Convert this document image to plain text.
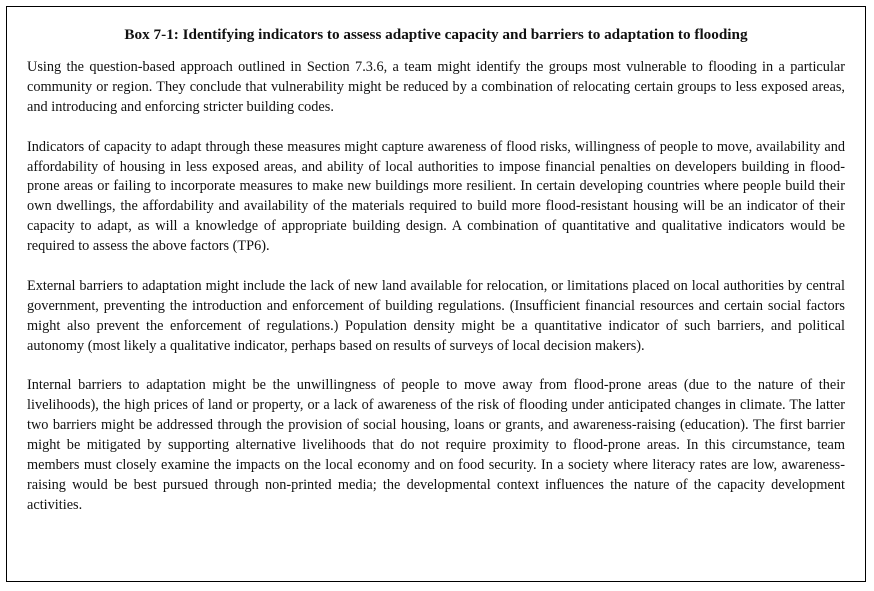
Box 7-1: Identifying indicators to assess adaptive capacity and barriers to adaptation to flooding

Using the question-based approach outlined in Section 7.3.6, a team might identify the groups most vulnerable to flooding in a particular community or region. They conclude that vulnerability might be reduced by a combination of relocating certain groups to less exposed areas, and introducing and enforcing stricter building codes.

Indicators of capacity to adapt through these measures might capture awareness of flood risks, willingness of people to move, availability and affordability of housing in less exposed areas, and ability of local authorities to impose financial penalties on developers building in flood-prone areas or failing to incorporate measures to make new buildings more resilient. In certain developing countries where people build their own dwellings, the affordability and availability of the materials required to build more flood-resistant housing will be an indicator of their capacity to adapt, as will a knowledge of appropriate building design. A combination of quantitative and qualitative indicators would be required to assess the above factors (TP6).

External barriers to adaptation might include the lack of new land available for relocation, or limitations placed on local authorities by central government, preventing the introduction and enforcement of building regulations. (Insufficient financial resources and certain social factors might also prevent the enforcement of regulations.) Population density might be a quantitative indicator of such barriers, and political autonomy (most likely a qualitative indicator, perhaps based on results of surveys of local decision makers).

Internal barriers to adaptation might be the unwillingness of people to move away from flood-prone areas (due to the nature of their livelihoods), the high prices of land or property, or a lack of awareness of the risk of flooding under anticipated changes in climate. The latter two barriers might be addressed through the provision of social housing, loans or grants, and awareness-raising (education). The first barrier might be mitigated by supporting alternative livelihoods that do not require proximity to flood-prone areas. In this circumstance, team members must closely examine the impacts on the local economy and on food security. In a society where literacy rates are low, awareness-raising would be best pursued through non-printed media; the developmental context influences the nature of the capacity development activities.
